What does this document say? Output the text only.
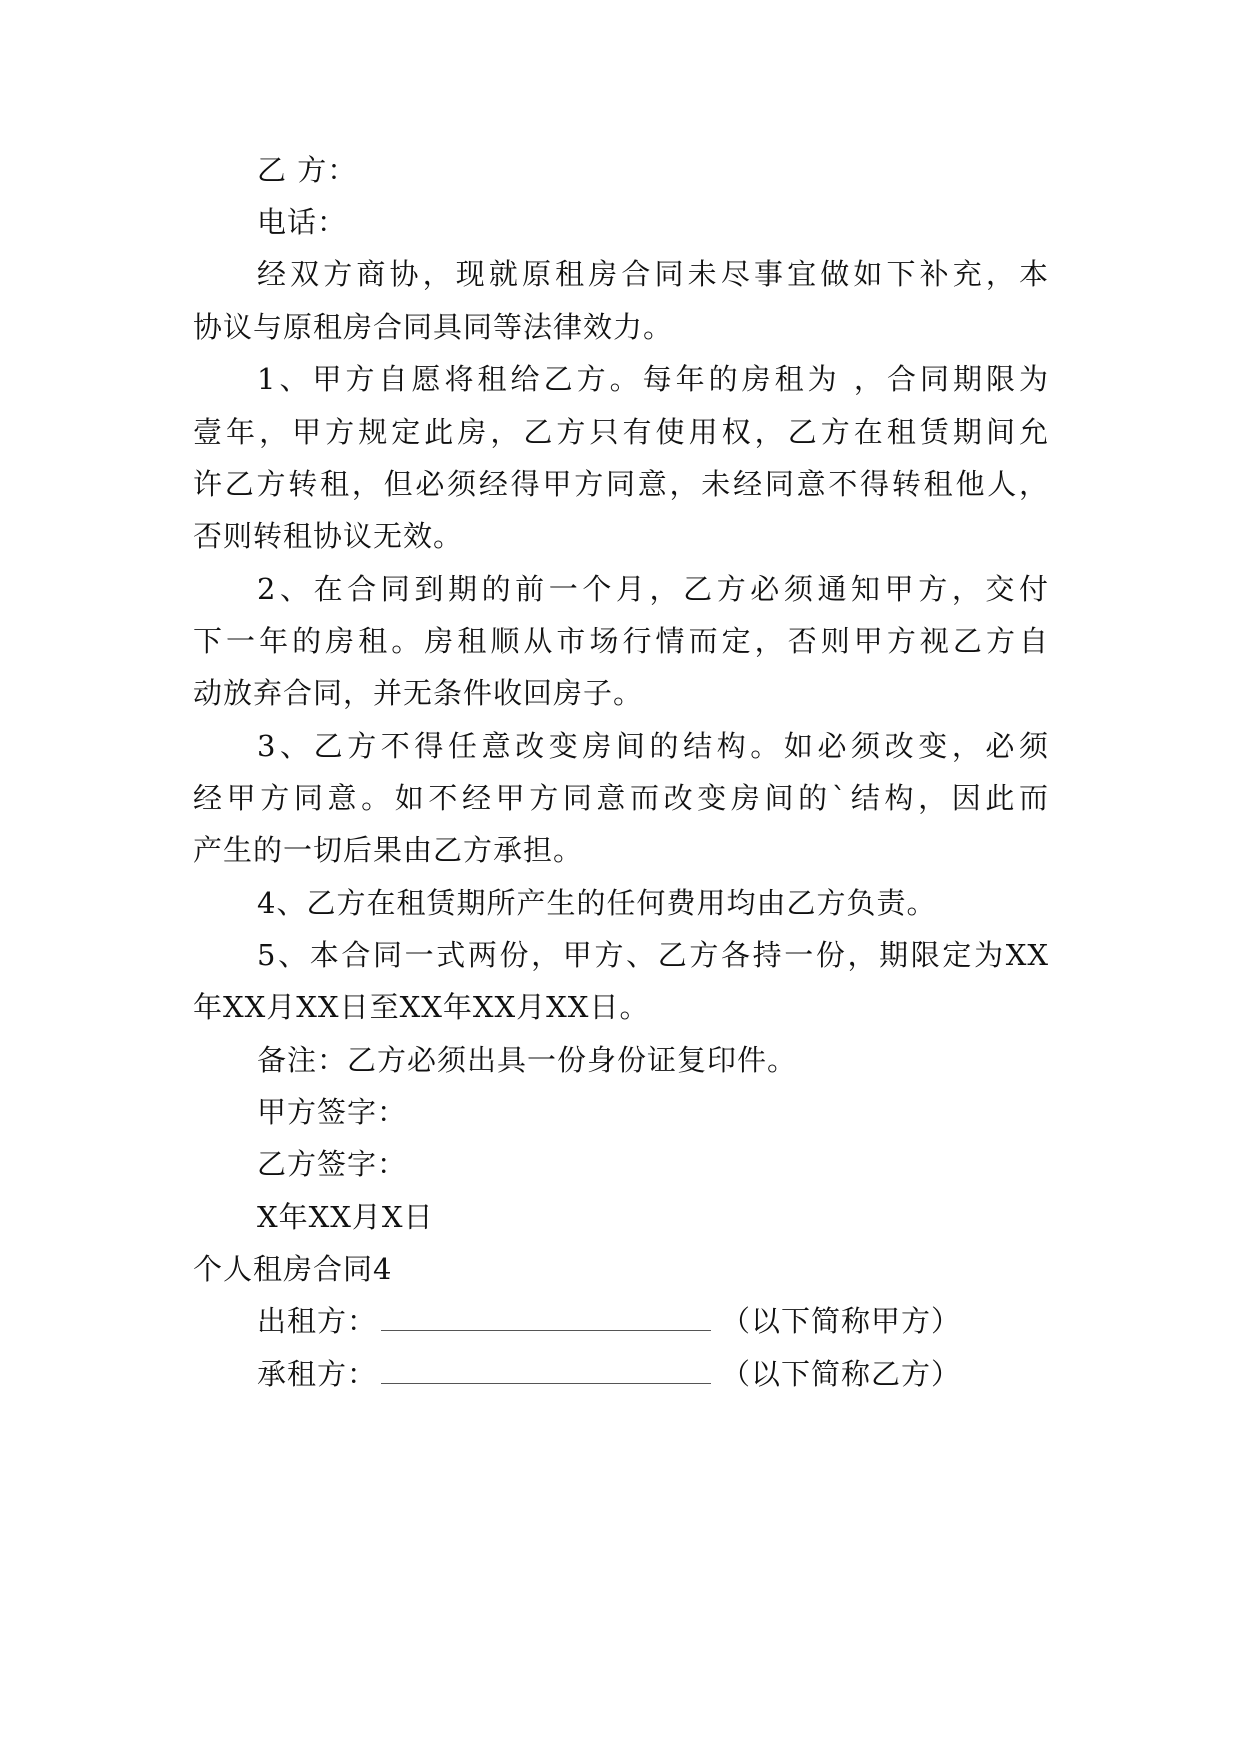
乙 方：
电话：
经双方商协，现就原租房合同未尽事宜做如下补充，本
协议与原租房合同具同等法律效力。
1、甲方自愿将租给乙方。每年的房租为 ，合同期限为
壹年，甲方规定此房，乙方只有使用权，乙方在租赁期间允
许乙方转租，但必须经得甲方同意，未经同意不得转租他人，
否则转租协议无效。
2、在合同到期的前一个月，乙方必须通知甲方，交付
下一年的房租。房租顺从市场行情而定，否则甲方视乙方自
动放弃合同，并无条件收回房子。
3、乙方不得任意改变房间的结构。如必须改变，必须
经甲方同意。如不经甲方同意而改变房间的`结构，因此而
产生的一切后果由乙方承担。
4、乙方在租赁期所产生的任何费用均由乙方负责。
5、本合同一式两份，甲方、乙方各持一份，期限定为XX
年XX月XX日至XX年XX月XX日。
备注：乙方必须出具一份身份证复印件。
甲方签字：
乙方签字：
X年XX月X日
个人租房合同4
出租方：	（以下简称甲方）
承租方：	（以下简称乙方）
